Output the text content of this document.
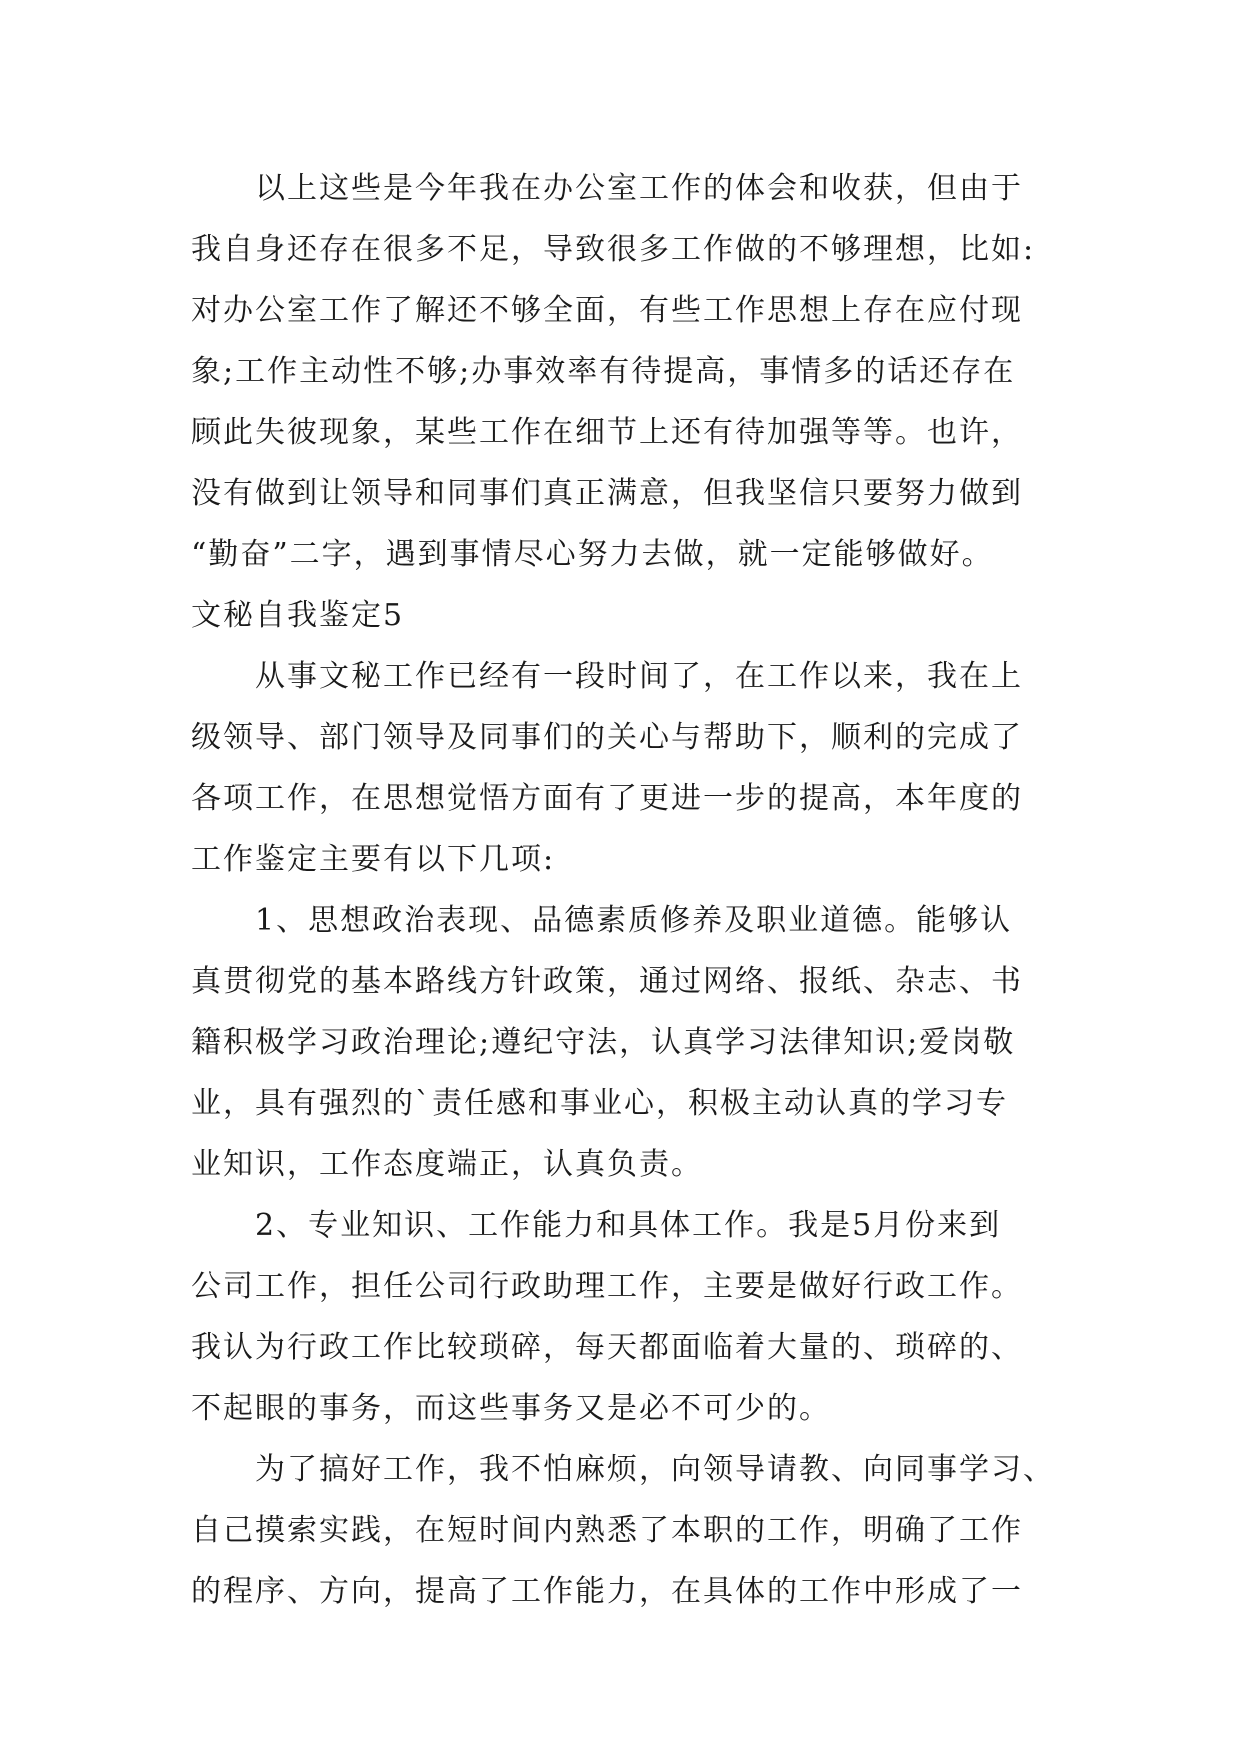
以上这些是今年我在办公室工作的体会和收获，但由于
我自身还存在很多不足，导致很多工作做的不够理想，比如:
对办公室工作了解还不够全面，有些工作思想上存在应付现
象;工作主动性不够;办事效率有待提高，事情多的话还存在
顾此失彼现象，某些工作在细节上还有待加强等等。也许，
没有做到让领导和同事们真正满意，但我坚信只要努力做到
“勤奋”二字，遇到事情尽心努力去做，就一定能够做好。

文秘自我鉴定5

从事文秘工作已经有一段时间了，在工作以来，我在上
级领导、部门领导及同事们的关心与帮助下，顺利的完成了
各项工作，在思想觉悟方面有了更进一步的提高，本年度的
工作鉴定主要有以下几项:

1、思想政治表现、品德素质修养及职业道德。能够认
真贯彻党的基本路线方针政策，通过网络、报纸、杂志、书
籍积极学习政治理论;遵纪守法，认真学习法律知识;爱岗敬
业，具有强烈的`责任感和事业心，积极主动认真的学习专
业知识，工作态度端正，认真负责。

2、专业知识、工作能力和具体工作。我是5月份来到
公司工作，担任公司行政助理工作，主要是做好行政工作。
我认为行政工作比较琐碎，每天都面临着大量的、琐碎的、
不起眼的事务，而这些事务又是必不可少的。

为了搞好工作，我不怕麻烦，向领导请教、向同事学习、
自己摸索实践，在短时间内熟悉了本职的工作，明确了工作
的程序、方向，提高了工作能力，在具体的工作中形成了一
